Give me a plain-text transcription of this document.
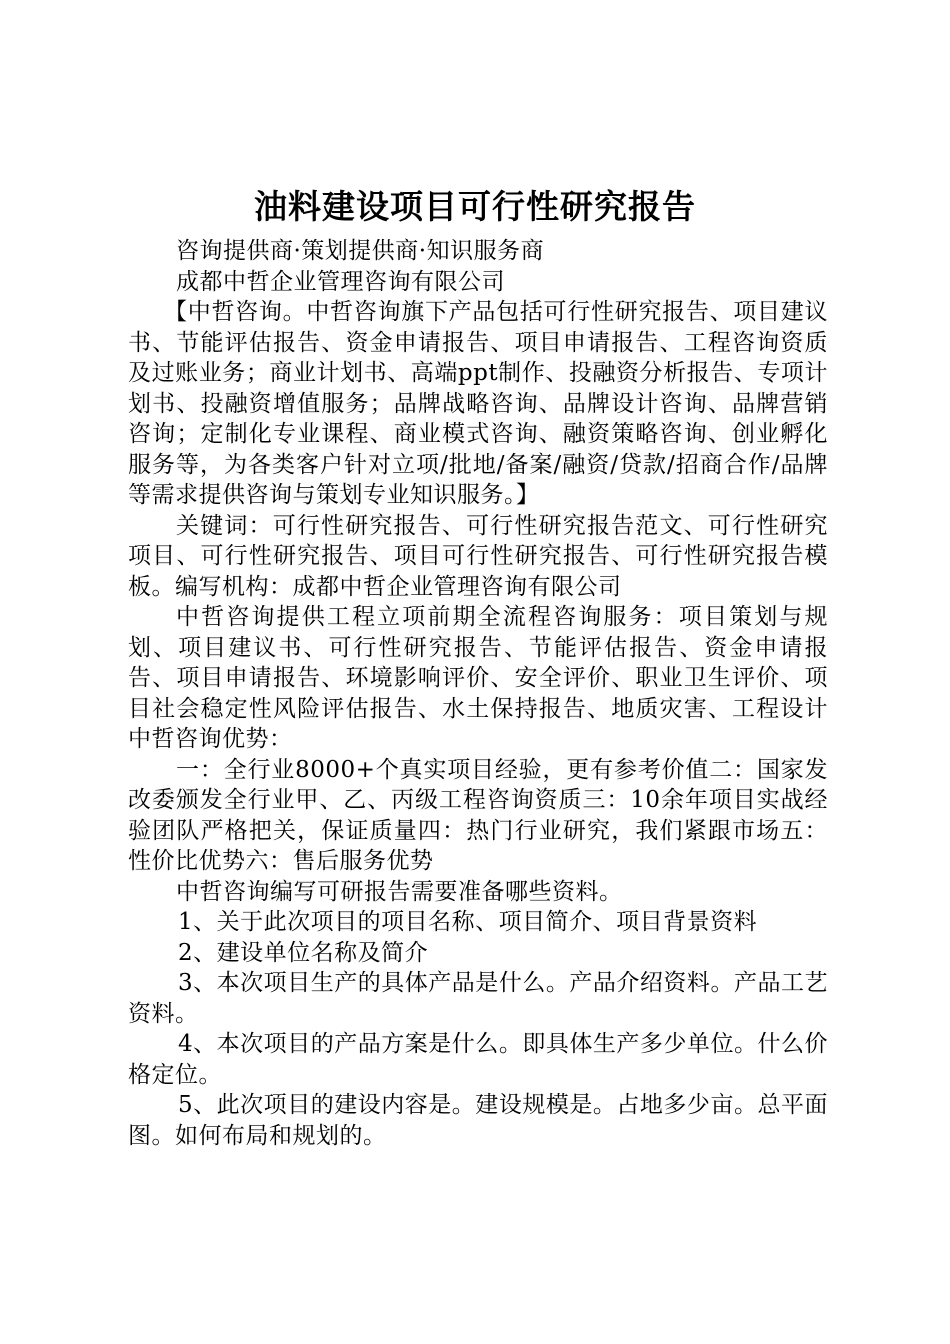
油料建设项目可行性研究报告

咨询提供商·策划提供商·知识服务商

成都中哲企业管理咨询有限公司

【中哲咨询。中哲咨询旗下产品包括可行性研究报告、项目建议书、节能评估报告、资金申请报告、项目申请报告、工程咨询资质及过账业务；商业计划书、高端ppt制作、投融资分析报告、专项计划书、投融资增值服务；品牌战略咨询、品牌设计咨询、品牌营销咨询；定制化专业课程、商业模式咨询、融资策略咨询、创业孵化服务等，为各类客户针对立项/批地/备案/融资/贷款/招商合作/品牌等需求提供咨询与策划专业知识服务。】

关键词：可行性研究报告、可行性研究报告范文、可行性研究项目、可行性研究报告、项目可行性研究报告、可行性研究报告模板。编写机构：成都中哲企业管理咨询有限公司

中哲咨询提供工程立项前期全流程咨询服务：项目策划与规划、项目建议书、可行性研究报告、节能评估报告、资金申请报告、项目申请报告、环境影响评价、安全评价、职业卫生评价、项目社会稳定性风险评估报告、水土保持报告、地质灾害、工程设计中哲咨询优势：

一：全行业8000+个真实项目经验，更有参考价值二：国家发改委颁发全行业甲、乙、丙级工程咨询资质三：10余年项目实战经验团队严格把关，保证质量四：热门行业研究，我们紧跟市场五：性价比优势六：售后服务优势

中哲咨询编写可研报告需要准备哪些资料。

1、关于此次项目的项目名称、项目简介、项目背景资料

2、建设单位名称及简介

3、本次项目生产的具体产品是什么。产品介绍资料。产品工艺资料。

4、本次项目的产品方案是什么。即具体生产多少单位。什么价格定位。

5、此次项目的建设内容是。建设规模是。占地多少亩。总平面图。如何布局和规划的。
